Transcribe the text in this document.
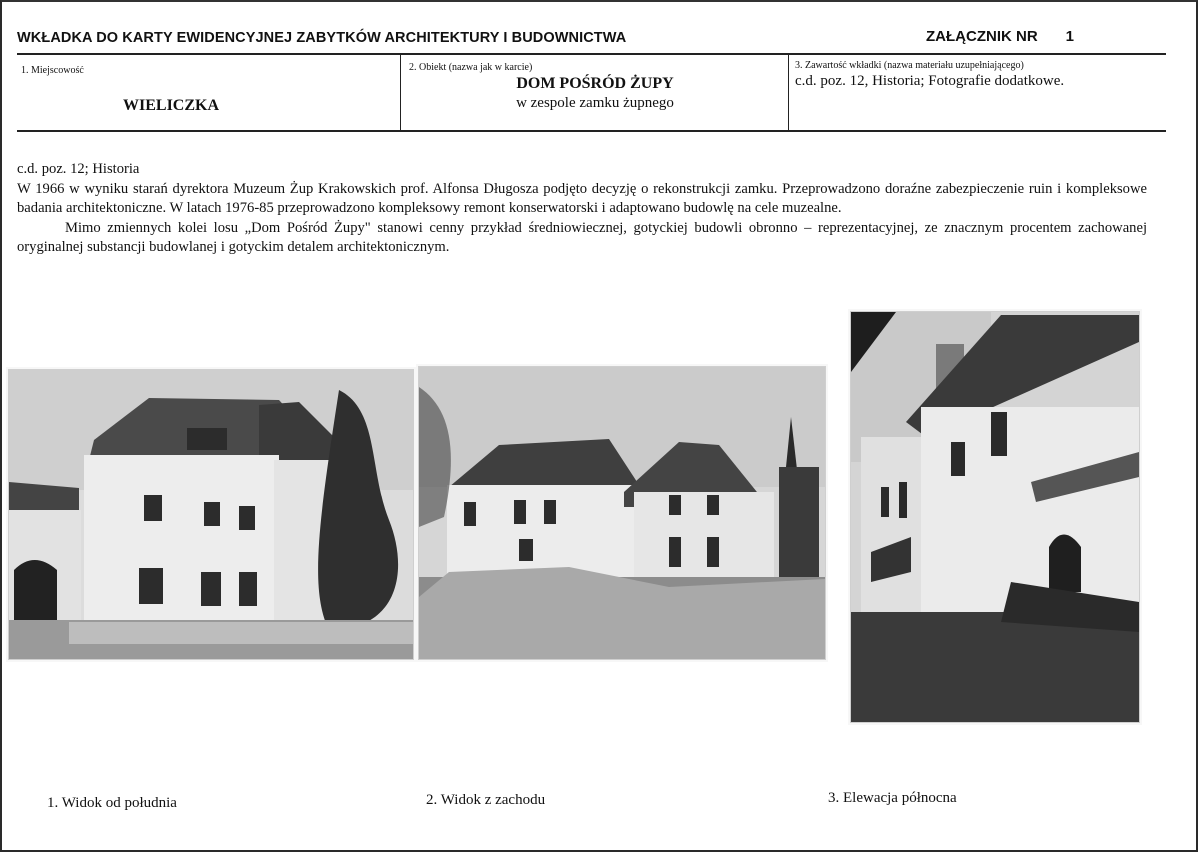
WKŁADKA DO KARTY EWIDENCYJNEJ ZABYTKÓW ARCHITEKTURY I BUDOWNICTWA	ZAŁĄCZNIK NR 1
1. Miejscowość
WIELICZKA
2. Obiekt (nazwa jak w karcie)
DOM POŚRÓD ŻUPY
w zespole zamku żupnego
3. Zawartość wkładki (nazwa materiału uzupełniającego)
c.d. poz. 12, Historia; Fotografie dodatkowe.

c.d. poz. 12; Historia

W 1966 w wyniku starań dyrektora Muzeum Żup Krakowskich prof. Alfonsa Długosza podjęto decyzję o rekonstrukcji zamku. Przeprowadzono doraźne zabezpieczenie ruin i kompleksowe badania architektoniczne. W latach 1976-85 przeprowadzono kompleksowy remont konserwatorski i adaptowano budowlę na cele muzealne.

Mimo zmiennych kolei losu „Dom Pośród Żupy" stanowi cenny przykład średniowiecznej, gotyckiej budowli obronno – reprezentacyjnej, ze znacznym procentem zachowanej oryginalnej substancji budowlanej i gotyckim detalem architektonicznym.

1. Widok od południa	2. Widok z zachodu	3. Elewacja północna
